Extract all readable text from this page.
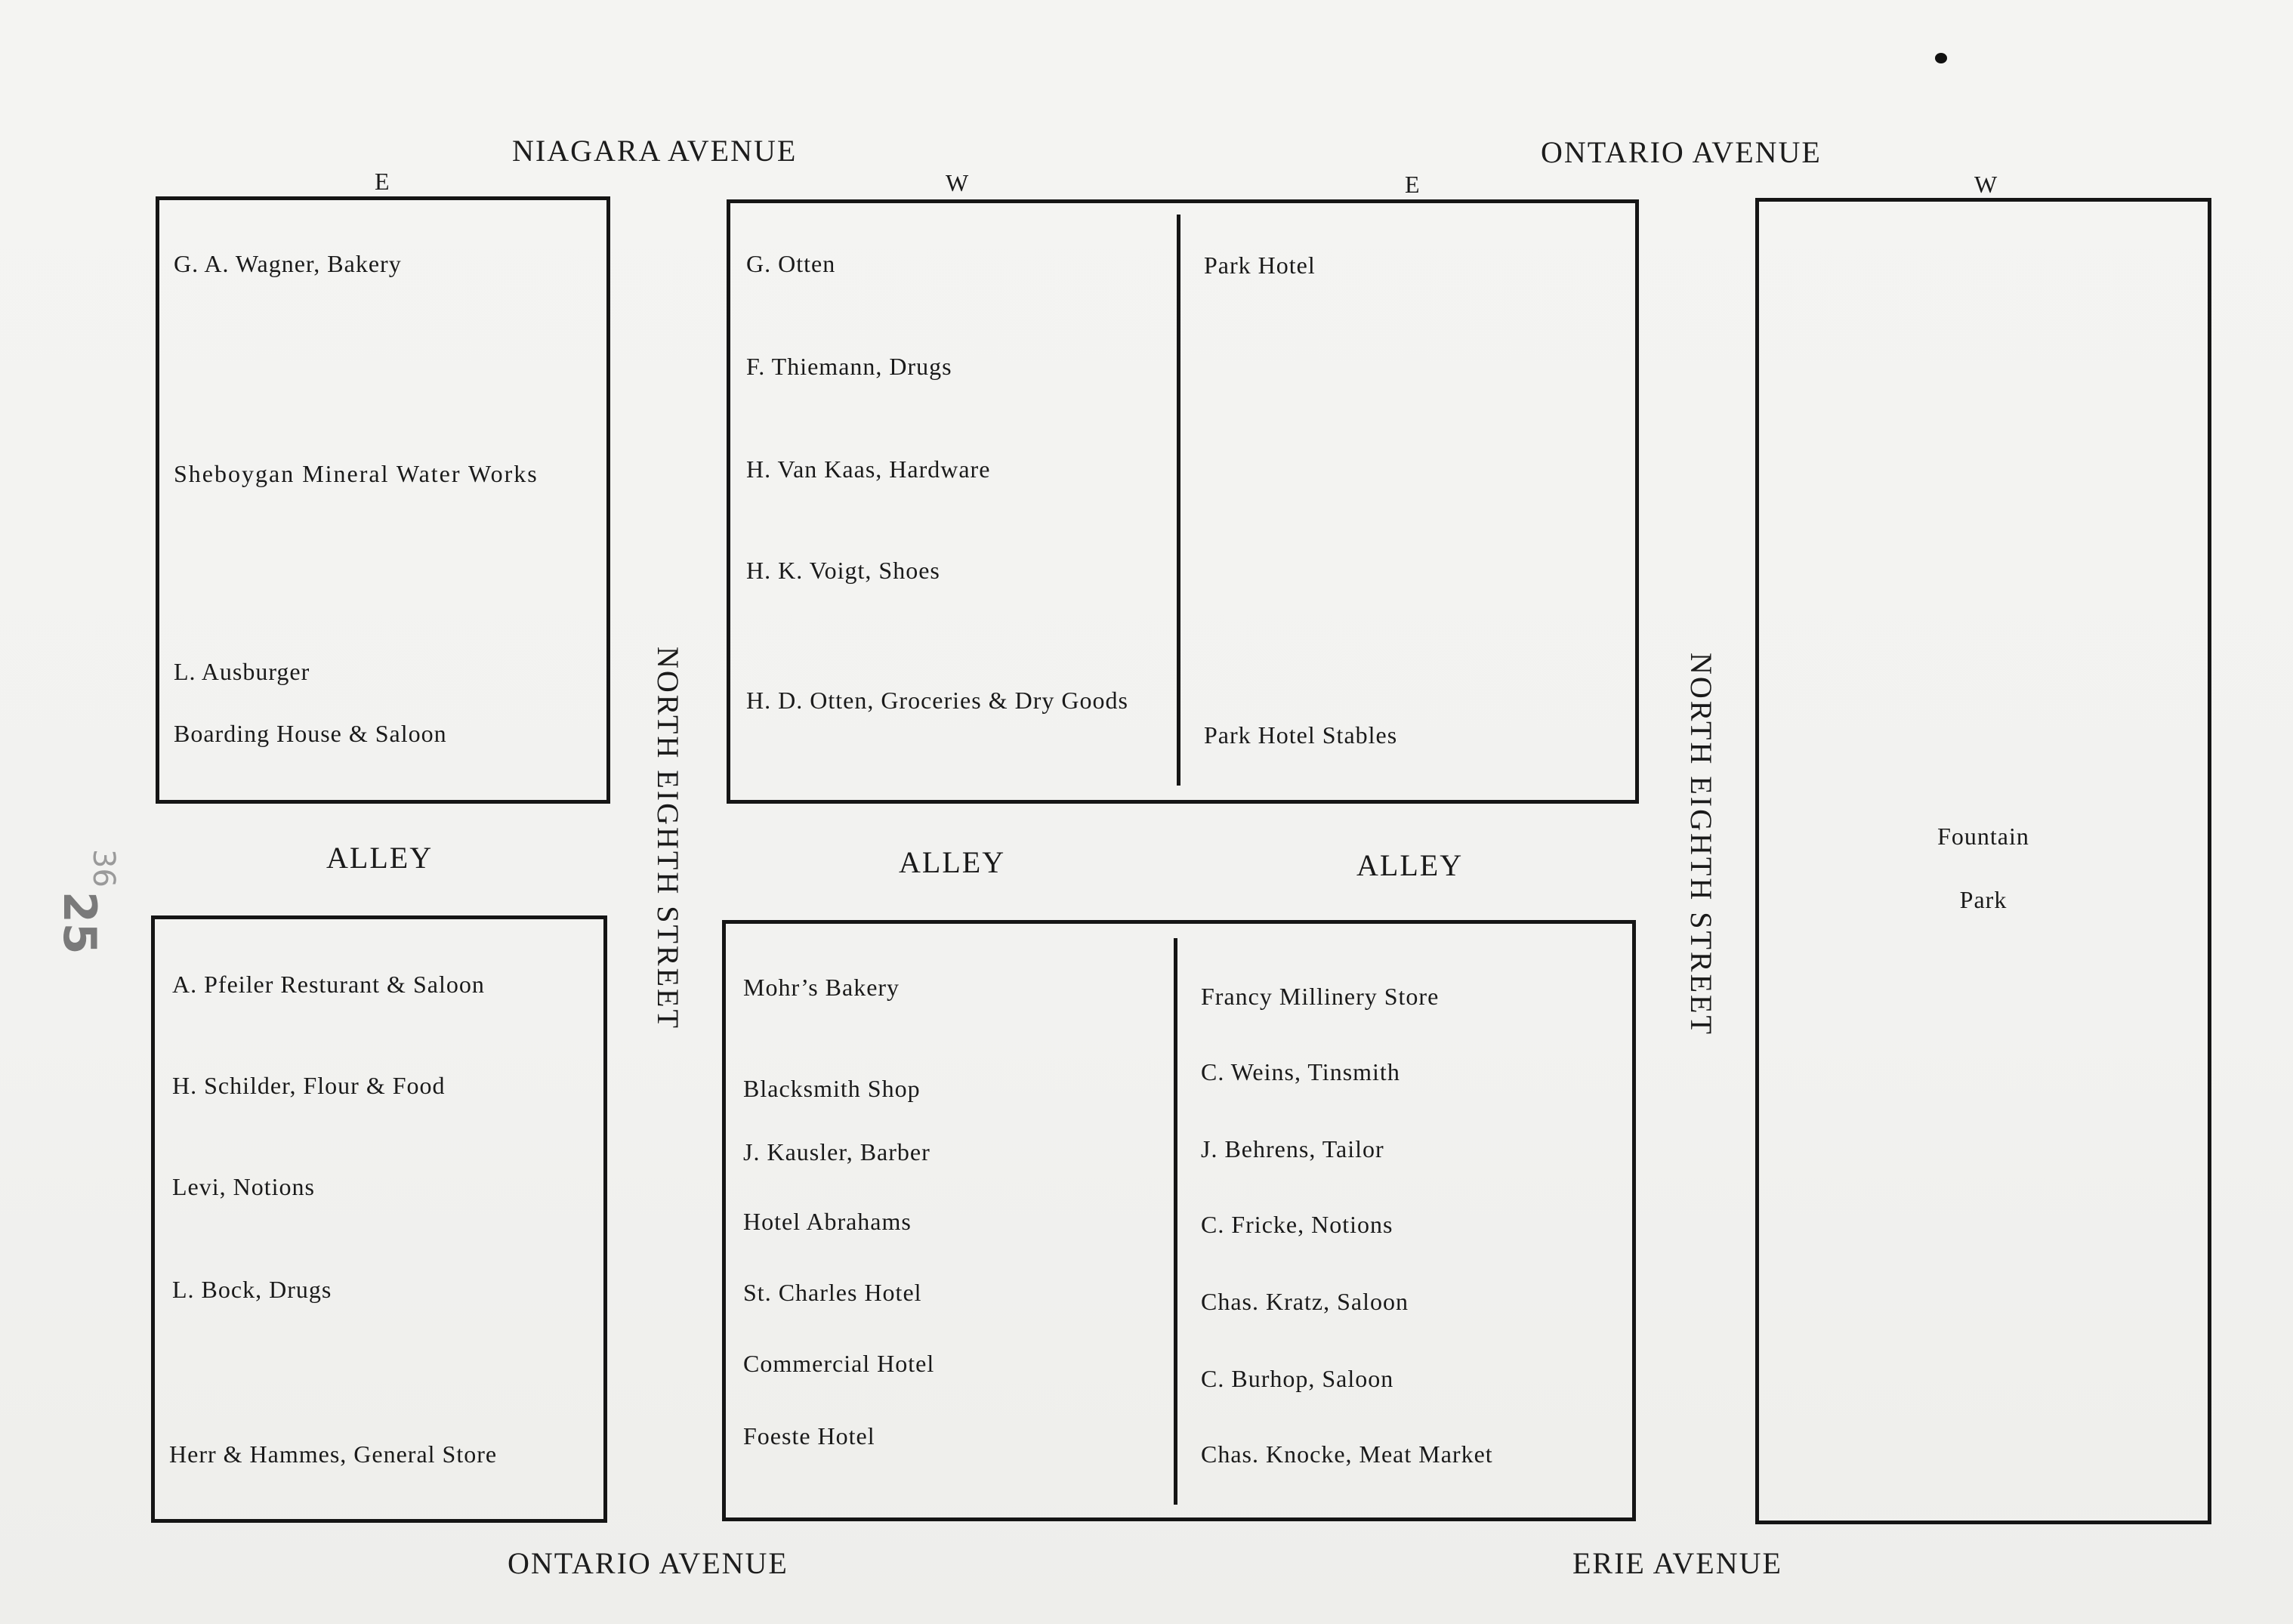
NIAGARA AVENUE	ONTARIO AVENUE
E	W	E	W
G. A. Wagner, Bakery
Sheboygan Mineral Water Works
L. Ausburger
Boarding House & Saloon
G. Otten
F. Thiemann, Drugs
H. Van Kaas, Hardware
H. K. Voigt, Shoes
H. D. Otten, Groceries & Dry Goods
Park Hotel
Park Hotel Stables
Fountain
Park
NORTH EIGHTH STREET	NORTH EIGHTH STREET
ALLEY	ALLEY	ALLEY
A. Pfeiler Resturant & Saloon
H. Schilder, Flour & Food
Levi, Notions
L. Bock, Drugs
Herr & Hammes, General Store
Mohr’s Bakery
Blacksmith Shop
J. Kausler, Barber
Hotel Abrahams
St. Charles Hotel
Commercial Hotel
Foeste Hotel
Francy Millinery Store
C. Weins, Tinsmith
J. Behrens, Tailor
C. Fricke, Notions
Chas. Kratz, Saloon
C. Burhop, Saloon
Chas. Knocke, Meat Market
ONTARIO AVENUE	ERIE AVENUE
36
25
